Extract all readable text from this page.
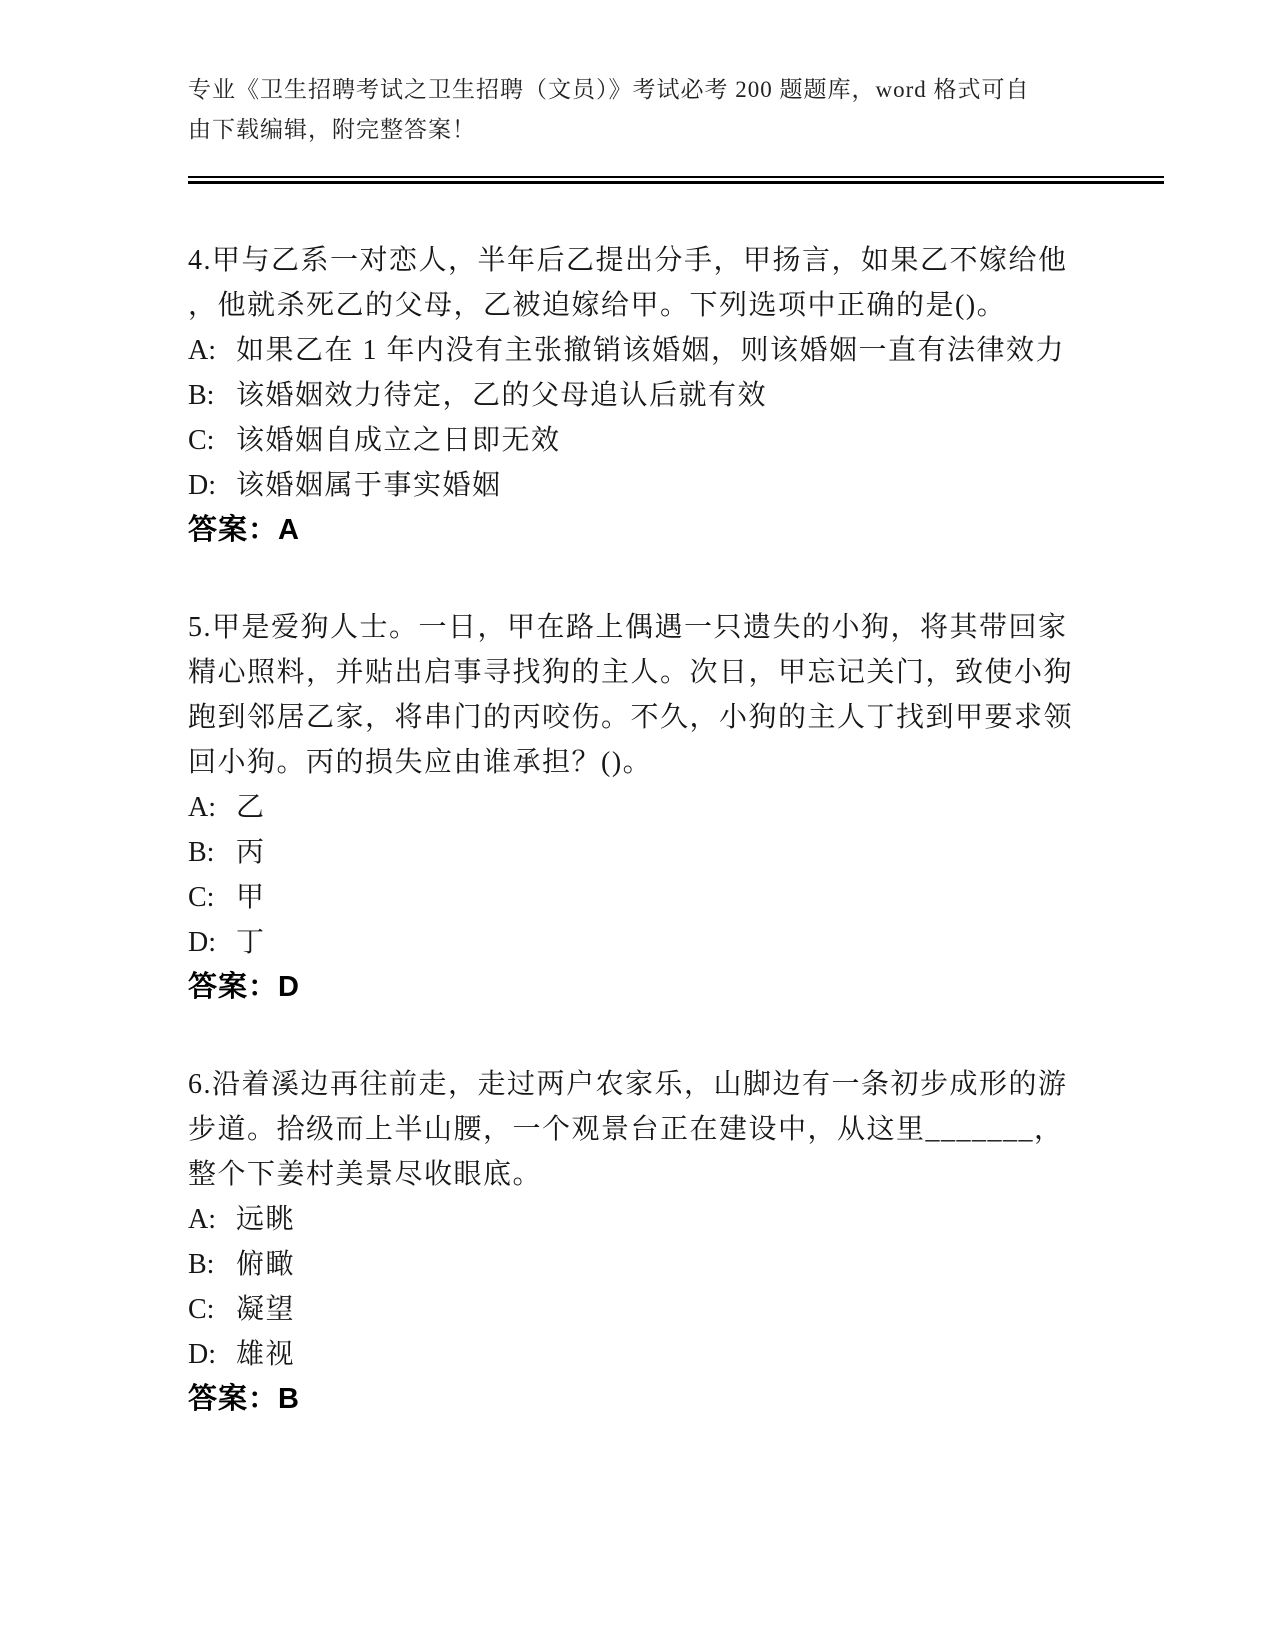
专业《卫生招聘考试之卫生招聘（文员）》考试必考 200 题题库，word 格式可自
由下载编辑，附完整答案！
4.甲与乙系一对恋人，半年后乙提出分手，甲扬言，如果乙不嫁给他
，他就杀死乙的父母，乙被迫嫁给甲。下列选项中正确的是()。
A: 如果乙在 1 年内没有主张撤销该婚姻，则该婚姻一直有法律效力
B: 该婚姻效力待定，乙的父母追认后就有效
C: 该婚姻自成立之日即无效
D: 该婚姻属于事实婚姻
答案：A
5.甲是爱狗人士。一日，甲在路上偶遇一只遗失的小狗，将其带回家
精心照料，并贴出启事寻找狗的主人。次日，甲忘记关门，致使小狗
跑到邻居乙家，将串门的丙咬伤。不久，小狗的主人丁找到甲要求领
回小狗。丙的损失应由谁承担？()。
A: 乙
B: 丙
C: 甲
D: 丁
答案：D
6.沿着溪边再往前走，走过两户农家乐，山脚边有一条初步成形的游
步道。拾级而上半山腰，一个观景台正在建设中，从这里_______，
整个下姜村美景尽收眼底。
A: 远眺
B: 俯瞰
C: 凝望
D: 雄视
答案：B
